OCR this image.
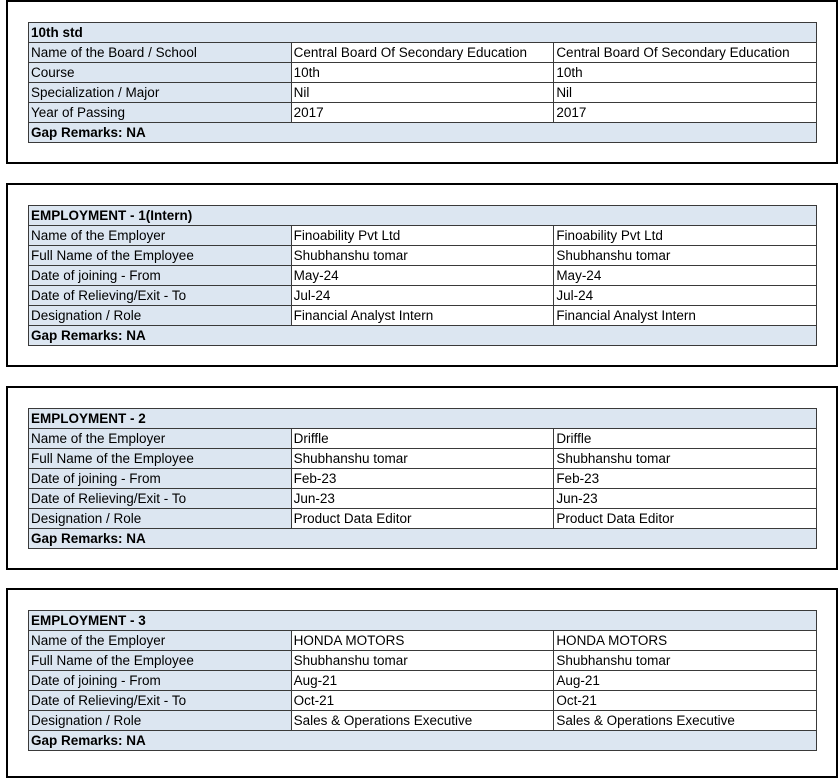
10th std		
Name of the Board / School	Central Board Of Secondary Education	Central Board Of Secondary Education
Course	10th	10th
Specialization / Major	Nil	Nil
Year of Passing	2017	2017
Gap Remarks: NA		
EMPLOYMENT - 1(Intern)		
Name of the Employer	Finoability Pvt Ltd	Finoability Pvt Ltd
Full Name of the Employee	Shubhanshu tomar	Shubhanshu tomar
Date of joining - From	May-24	May-24
Date of Relieving/Exit - To	Jul-24	Jul-24
Designation / Role	Financial Analyst Intern	Financial Analyst Intern
Gap Remarks: NA		
EMPLOYMENT - 2		
Name of the Employer	Driffle	Driffle
Full Name of the Employee	Shubhanshu tomar	Shubhanshu tomar
Date of joining - From	Feb-23	Feb-23
Date of Relieving/Exit - To	Jun-23	Jun-23
Designation / Role	Product Data Editor	Product Data Editor
Gap Remarks: NA		
EMPLOYMENT - 3		
Name of the Employer	HONDA MOTORS	HONDA MOTORS
Full Name of the Employee	Shubhanshu tomar	Shubhanshu tomar
Date of joining - From	Aug-21	Aug-21
Date of Relieving/Exit - To	Oct-21	Oct-21
Designation / Role	Sales & Operations Executive	Sales & Operations Executive
Gap Remarks: NA		
